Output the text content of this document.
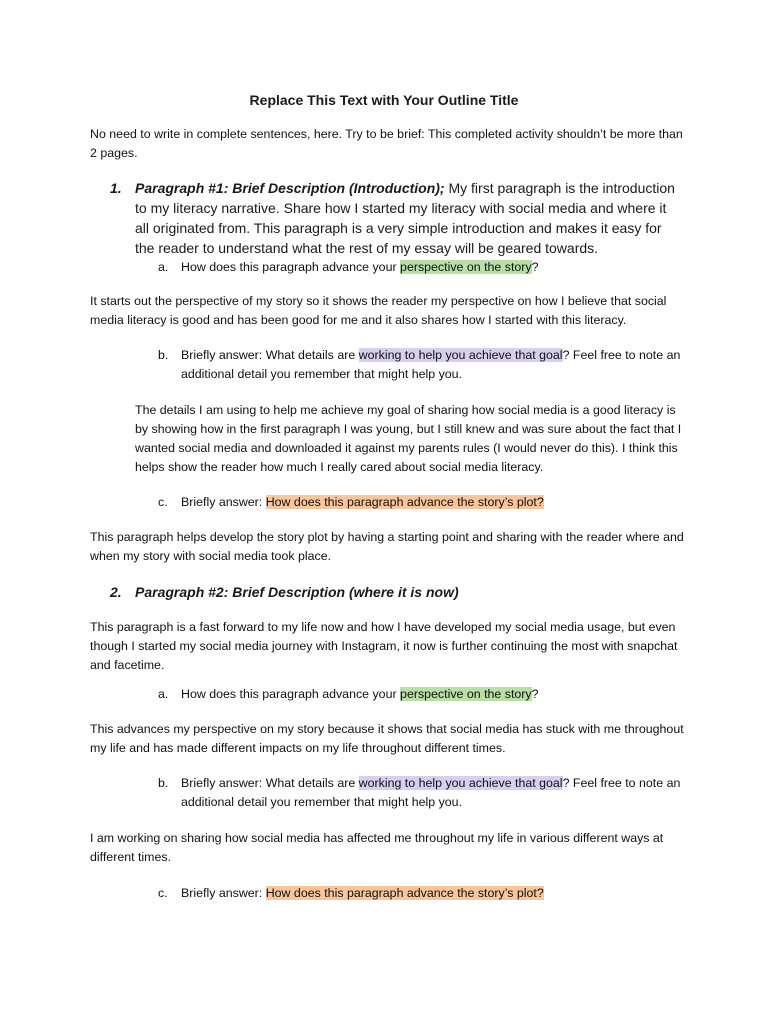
Replace This Text with Your Outline Title
No need to write in complete sentences, here. Try to be brief: This completed activity shouldn’t be more than 2 pages.
1. Paragraph #1: Brief Description (Introduction); My first paragraph is the introduction to my literacy narrative. Share how I started my literacy with social media and where it all originated from. This paragraph is a very simple introduction and makes it easy for the reader to understand what the rest of my essay will be geared towards.
a. How does this paragraph advance your perspective on the story?
It starts out the perspective of my story so it shows the reader my perspective on how I believe that social media literacy is good and has been good for me and it also shares how I started with this literacy.
b. Briefly answer: What details are working to help you achieve that goal? Feel free to note an additional detail you remember that might help you.
The details I am using to help me achieve my goal of sharing how social media is a good literacy is by showing how in the first paragraph I was young, but I still knew and was sure about the fact that I wanted social media and downloaded it against my parents rules (I would never do this). I think this helps show the reader how much I really cared about social media literacy.
c. Briefly answer: How does this paragraph advance the story’s plot?
This paragraph helps develop the story plot by having a starting point and sharing with the reader where and when my story with social media took place.
2. Paragraph #2: Brief Description (where it is now)
This paragraph is a fast forward to my life now and how I have developed my social media usage, but even though I started my social media journey with Instagram, it now is further continuing the most with snapchat and facetime.
a. How does this paragraph advance your perspective on the story?
This advances my perspective on my story because it shows that social media has stuck with me throughout my life and has made different impacts on my life throughout different times.
b. Briefly answer: What details are working to help you achieve that goal? Feel free to note an additional detail you remember that might help you.
I am working on sharing how social media has affected me throughout my life in various different ways at different times.
c. Briefly answer: How does this paragraph advance the story’s plot?
